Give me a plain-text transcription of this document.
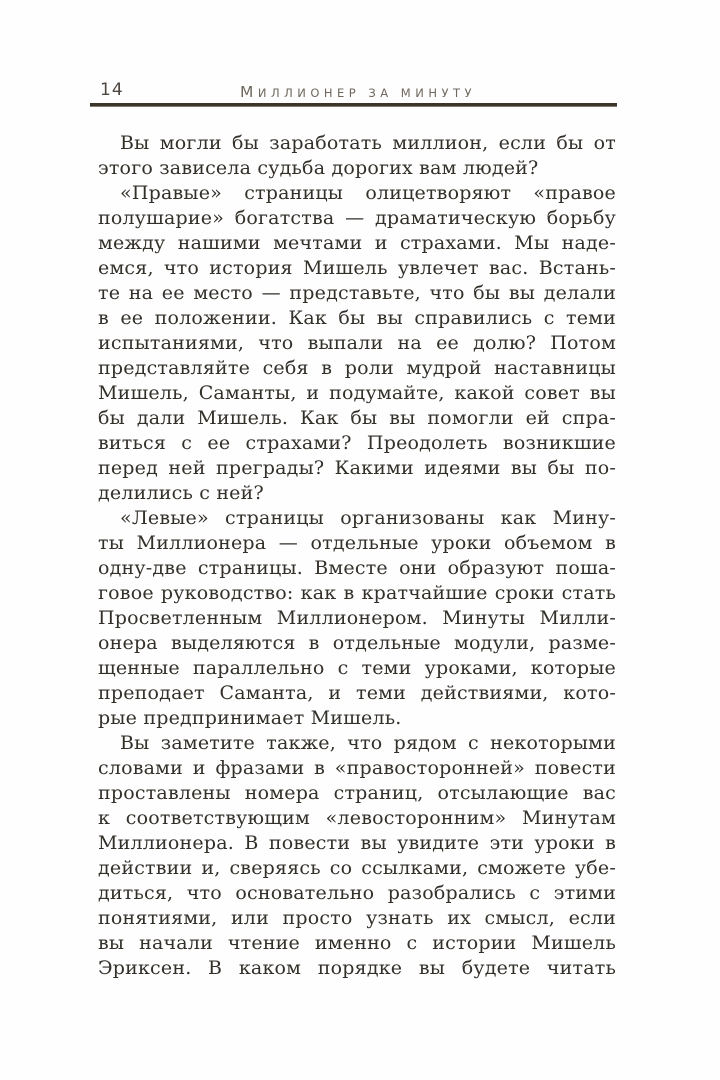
14	МИЛЛИОНЕР ЗА МИНУТУ
Вы могли бы заработать миллион, если бы от
этого зависела судьба дорогих вам людей?
«Правые» страницы олицетворяют «правое
полушарие» богатства — драматическую борьбу
между нашими мечтами и страхами. Мы наде-
емся, что история Мишель увлечет вас. Встань-
те на ее место — представьте, что бы вы делали
в ее положении. Как бы вы справились с теми
испытаниями, что выпали на ее долю? Потом
представляйте себя в роли мудрой наставницы
Мишель, Саманты, и подумайте, какой совет вы
бы дали Мишель. Как бы вы помогли ей спра-
виться с ее страхами? Преодолеть возникшие
перед ней преграды? Какими идеями вы бы по-
делились с ней?
«Левые» страницы организованы как Мину-
ты Миллионера — отдельные уроки объемом в
одну-две страницы. Вместе они образуют поша-
говое руководство: как в кратчайшие сроки стать
Просветленным Миллионером. Минуты Милли-
онера выделяются в отдельные модули, разме-
щенные параллельно с теми уроками, которые
преподает Саманта, и теми действиями, кото-
рые предпринимает Мишель.
Вы заметите также, что рядом с некоторыми
словами и фразами в «правосторонней» повести
проставлены номера страниц, отсылающие вас
к соответствующим «левосторонним» Минутам
Миллионера. В повести вы увидите эти уроки в
действии и, сверяясь со ссылками, сможете убе-
диться, что основательно разобрались с этими
понятиями, или просто узнать их смысл, если
вы начали чтение именно с истории Мишель
Эриксен. В каком порядке вы будете читать
